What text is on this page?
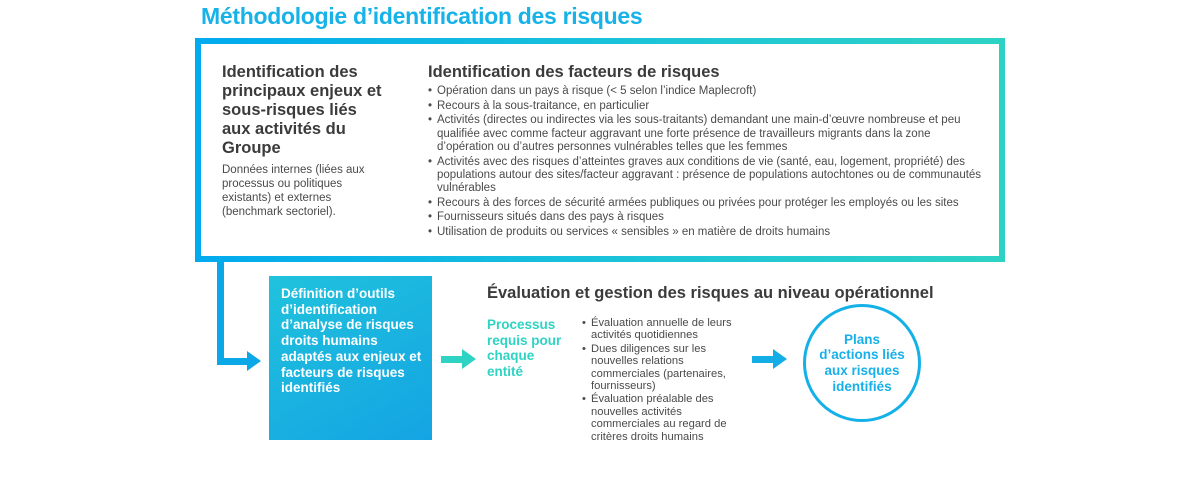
Méthodologie d’identification des risques
Identification des principaux enjeux et sous-risques liés aux activités du Groupe
Données internes (liées aux processus ou politiques existants) et externes (benchmark sectoriel).
Identification des facteurs de risques
• Opération dans un pays à risque (< 5 selon l’indice Maplecroft)
• Recours à la sous-traitance, en particulier
• Activités (directes ou indirectes via les sous-traitants) demandant une main-d’œuvre nombreuse et peu qualifiée avec comme facteur aggravant une forte présence de travailleurs migrants dans la zone d’opération ou d’autres personnes vulnérables telles que les femmes
• Activités avec des risques d’atteintes graves aux conditions de vie (santé, eau, logement, propriété) des populations autour des sites/facteur aggravant : présence de populations autochtones ou de communautés vulnérables
• Recours à des forces de sécurité armées publiques ou privées pour protéger les employés ou les sites
• Fournisseurs situés dans des pays à risques
• Utilisation de produits ou services « sensibles » en matière de droits humains
Définition d’outils d’identification d’analyse de risques droits humains adaptés aux enjeux et facteurs de risques identifiés
Évaluation et gestion des risques au niveau opérationnel
Processus requis pour chaque entité
• Évaluation annuelle de leurs activités quotidiennes
• Dues diligences sur les nouvelles relations commerciales (partenaires, fournisseurs)
• Évaluation préalable des nouvelles activités commerciales au regard de critères droits humains
Plans d’actions liés aux risques identifiés
